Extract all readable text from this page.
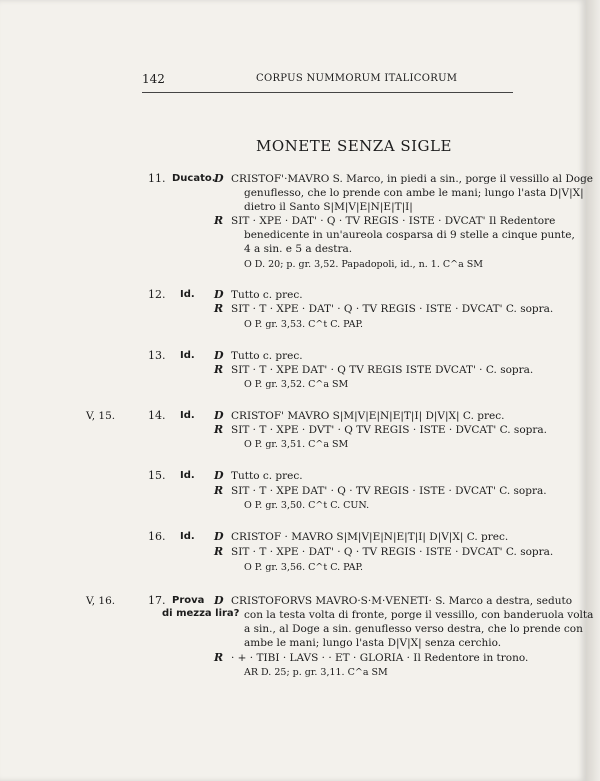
142	CORPUS NUMMORUM ITALICORUM
MONETE SENZA SIGLE
11. Ducato.
D CRISTOF'·MAVRO S. Marco, in piedi a sin., porge il vessillo al Doge
genuflesso, che lo prende con ambe le mani; lungo l'asta D|V|X|
dietro il Santo S|M|V|E|N|E|T|I|
R SIT · XPE · DAT' · Q · TV REGIS · ISTE · DVCAT' Il Redentore
benedicente in un'aureola cosparsa di 9 stelle a cinque punte,
4 a sin. e 5 a destra.
O D. 20; p. gr. 3,52. Papadopoli, id., n. 1. C^a SM
12. Id. D Tutto c. prec.
R SIT · T · XPE · DAT' · Q · TV REGIS · ISTE · DVCAT' C. sopra.
O P. gr. 3,53. C^t C. PAP.
13. Id. D Tutto c. prec.
R SIT · T · XPE DAT' · Q TV REGIS ISTE DVCAT' · C. sopra.
O P. gr. 3,52. C^a SM
V, 15.	14. Id. D CRISTOF' MAVRO S|M|V|E|N|E|T|I| D|V|X| C. prec.
R SIT · T · XPE · DVT' · Q TV REGIS · ISTE · DVCAT' C. sopra.
O P. gr. 3,51. C^a SM
15. Id. D Tutto c. prec.
R SIT · T · XPE DAT' · Q · TV REGIS · ISTE · DVCAT' C. sopra.
O P. gr. 3,50. C^t C. CUN.
16. Id. D CRISTOF · MAVRO S|M|V|E|N|E|T|I| D|V|X| C. prec.
R SIT · T · XPE · DAT' · Q · TV REGIS · ISTE · DVCAT' C. sopra.
O P. gr. 3,56. C^t C. PAP.
V, 16.	17. Prova
di mezza lira?
D CRISTOFORVS MAVRO·S·M·VENETI· S. Marco a destra, seduto
con la testa volta di fronte, porge il vessillo, con banderuola volta
a sin., al Doge a sin. genuflesso verso destra, che lo prende con
ambe le mani; lungo l'asta D|V|X| senza cerchio.
R · + · TIBI · LAVS · · ET · GLORIA · Il Redentore in trono.
AR D. 25; p. gr. 3,11. C^a SM
